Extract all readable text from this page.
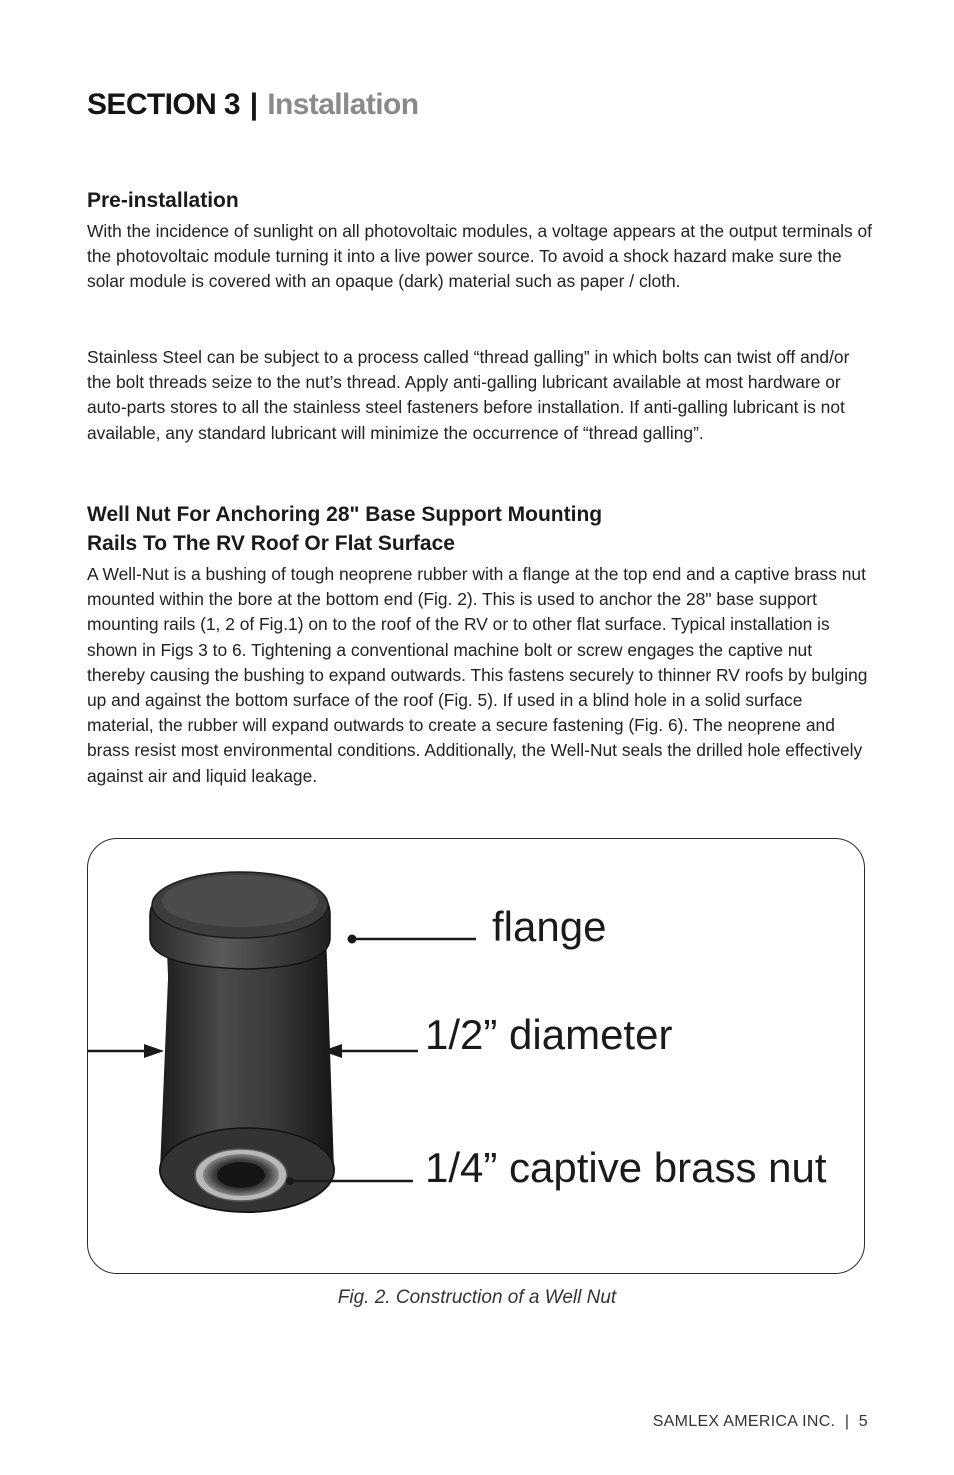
SECTION 3 | Installation
Pre-installation

With the incidence of sunlight on all photovoltaic modules, a voltage appears at the output terminals of the photovoltaic module turning it into a live power source. To avoid a shock hazard make sure the solar module is covered with an opaque (dark) material such as paper / cloth.

Stainless Steel can be subject to a process called “thread galling” in which bolts can twist off and/or the bolt threads seize to the nut’s thread. Apply anti-galling lubricant available at most hardware or auto-parts stores to all the stainless steel fasteners before installation. If anti-galling lubricant is not available, any standard lubricant will minimize the occurrence of “thread galling”.

Well Nut For Anchoring 28" Base Support Mounting
Rails To The RV Roof Or Flat Surface

A Well-Nut is a bushing of tough neoprene rubber with a flange at the top end and a captive brass nut mounted within the bore at the bottom end (Fig. 2). This is used to anchor the 28" base support mounting rails (1, 2 of Fig.1) on to the roof of the RV or to other flat surface. Typical installation is shown in Figs 3 to 6. Tightening a conventional machine bolt or screw engages the captive nut thereby causing the bushing to expand outwards. This fastens securely to thinner RV roofs by bulging up and against the bottom surface of the roof (Fig. 5). If used in a blind hole in a solid surface material, the rubber will expand outwards to create a secure fastening (Fig. 6). The neoprene and brass resist most environmental conditions. Additionally, the Well-Nut seals the drilled hole effectively against air and liquid leakage.

flange

1/2” diameter

1/4” captive brass nut

Fig. 2. Construction of a Well Nut

SAMLEX AMERICA INC. | 5
